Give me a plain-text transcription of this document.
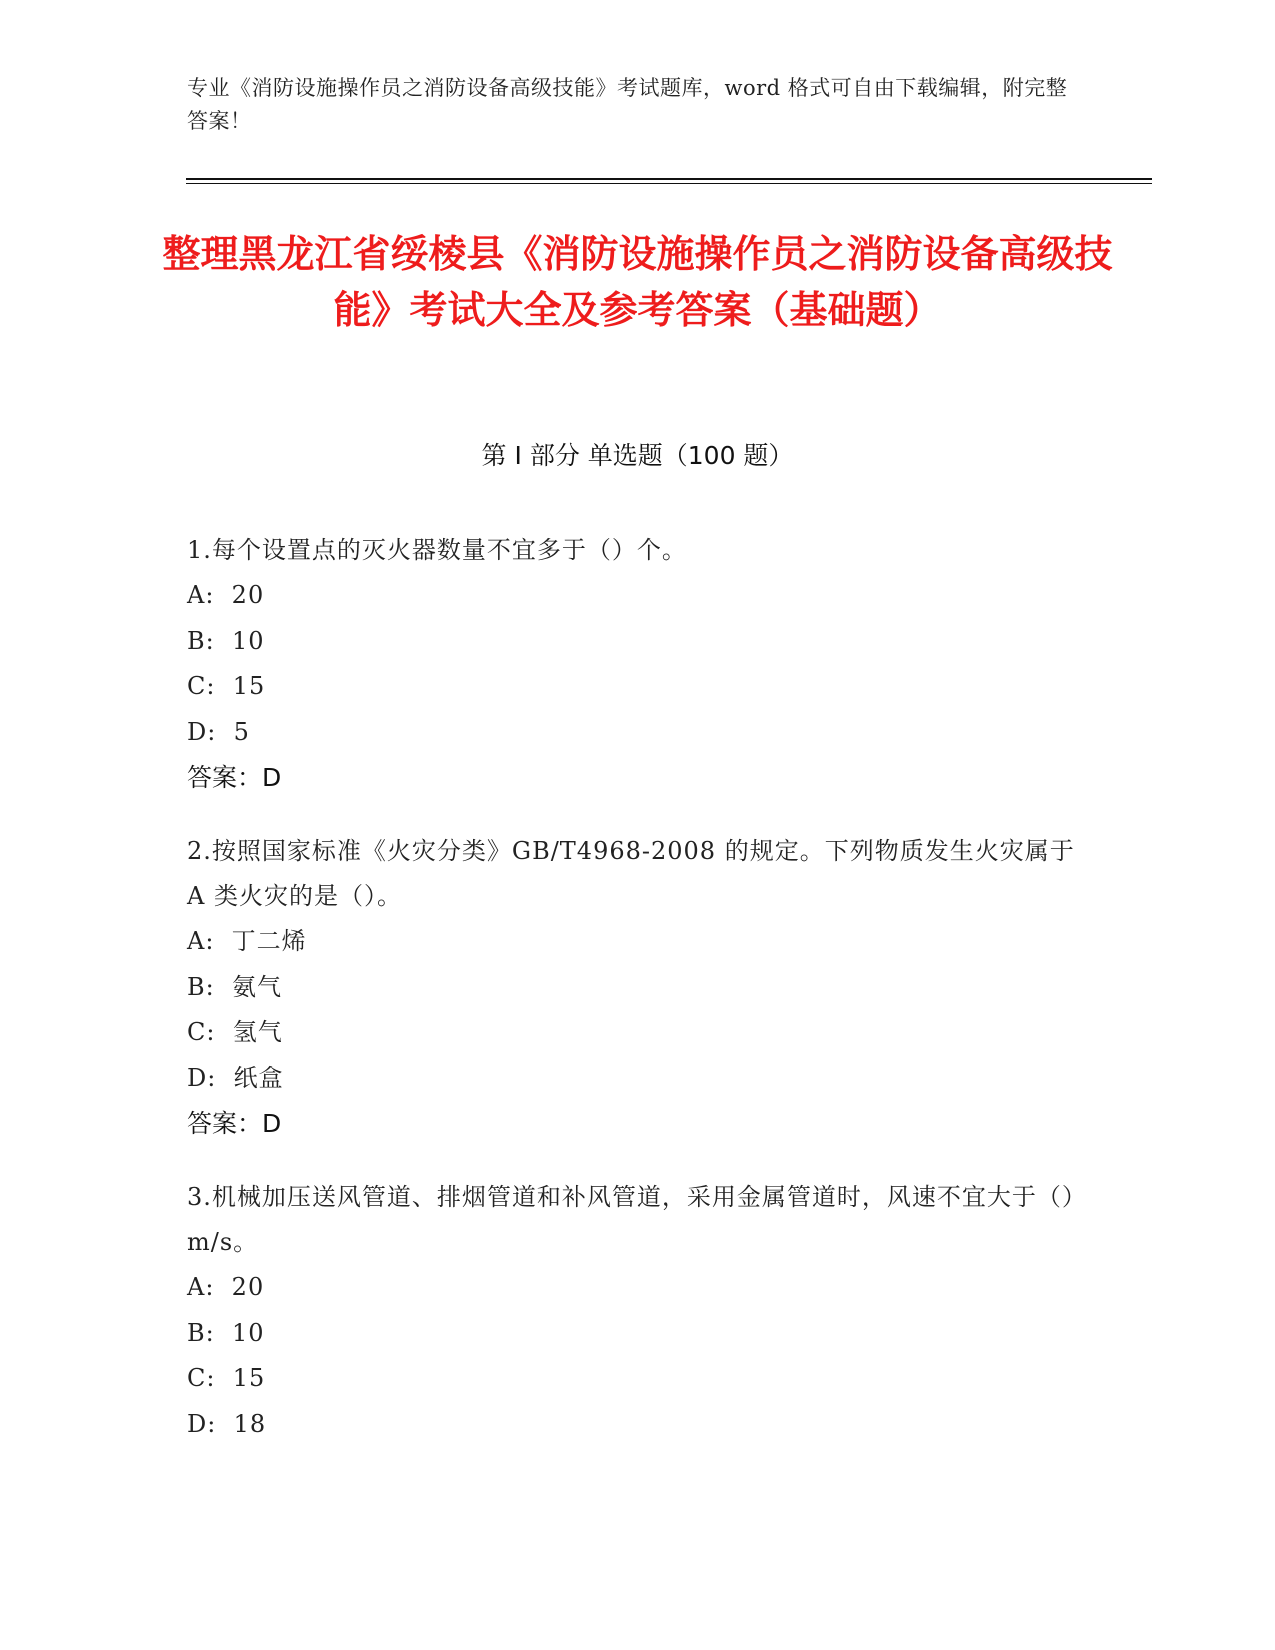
专业《消防设施操作员之消防设备高级技能》考试题库，word 格式可自由下载编辑，附完整答案！
整理黑龙江省绥棱县《消防设施操作员之消防设备高级技能》考试大全及参考答案（基础题）
第 I 部分 单选题（100 题）
1.每个设置点的灭火器数量不宜多于（）个。
A:  20
B:  10
C:  15
D:  5
答案：D
2.按照国家标准《火灾分类》GB/T4968-2008 的规定。下列物质发生火灾属于 A 类火灾的是（）。
A:  丁二烯
B:  氨气
C:  氢气
D:  纸盒
答案：D
3.机械加压送风管道、排烟管道和补风管道，采用金属管道时，风速不宜大于（）m/s。
A:  20
B:  10
C:  15
D:  18
